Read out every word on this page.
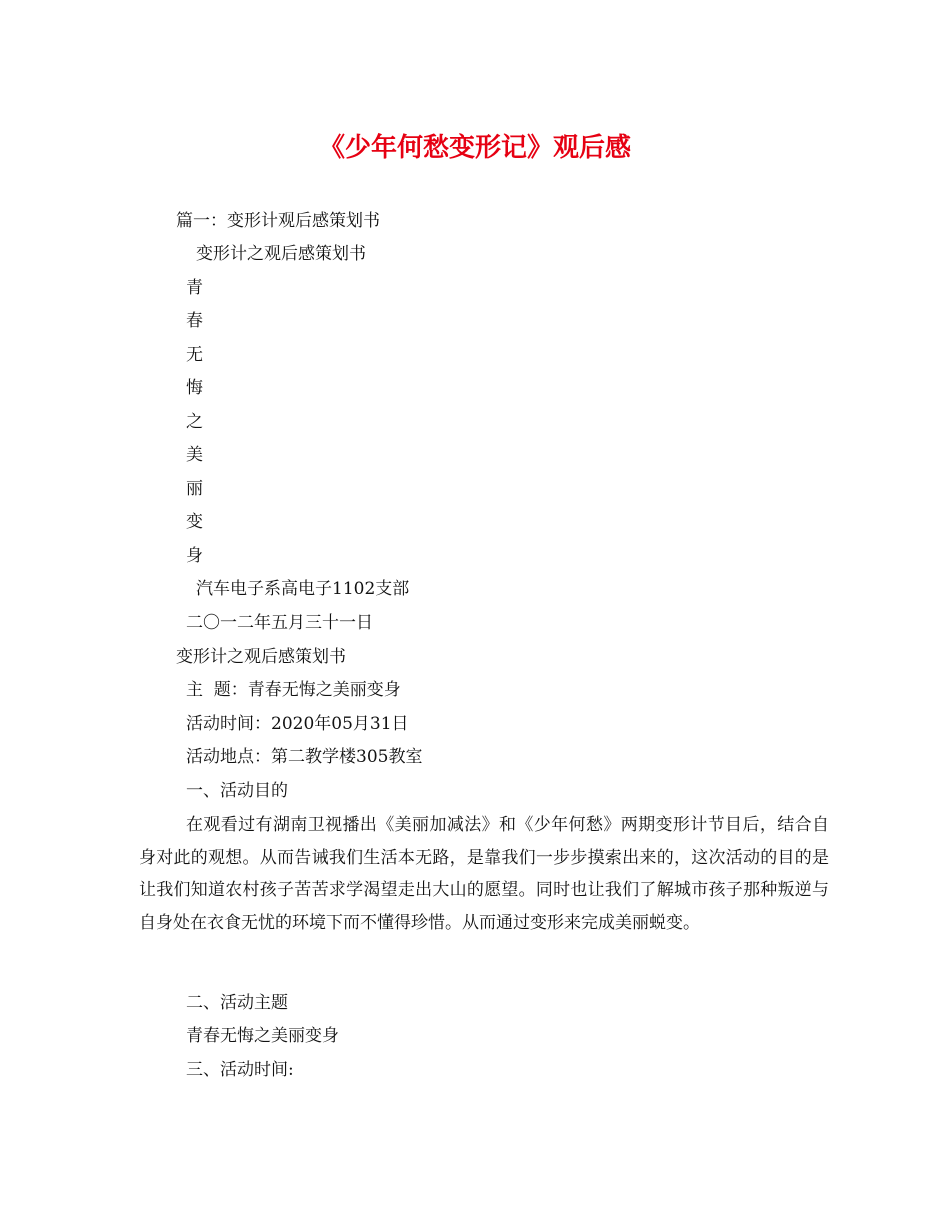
《少年何愁变形记》观后感
篇一：变形计观后感策划书
变形计之观后感策划书
青
春
无
悔
之
美
丽
变
身
汽车电子系高电子1102支部
二〇一二年五月三十一日
变形计之观后感策划书
主  题：青春无悔之美丽变身
活动时间：2020年05月31日
活动地点：第二教学楼305教室
一、活动目的
在观看过有湖南卫视播出《美丽加减法》和《少年何愁》两期变形计节目后，结合自身对此的观想。从而告诫我们生活本无路，是靠我们一步步摸索出来的，这次活动的目的是让我们知道农村孩子苦苦求学渴望走出大山的愿望。同时也让我们了解城市孩子那种叛逆与自身处在衣食无忧的环境下而不懂得珍惜。从而通过变形来完成美丽蜕变。
二、活动主题
青春无悔之美丽变身
三、活动时间:
